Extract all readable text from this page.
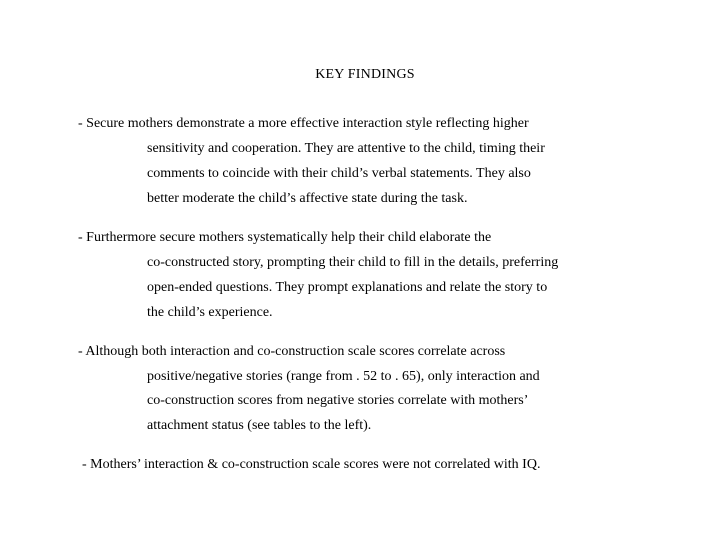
KEY FINDINGS
- Secure mothers demonstrate a more effective interaction style reflecting higher
sensitivity and cooperation. They are attentive to the child, timing their
comments to coincide with their child’s verbal statements. They also
better moderate the child’s affective state during the task.
- Furthermore secure mothers systematically help their child elaborate the
co-constructed story, prompting their child to fill in the details, preferring
open-ended questions. They prompt explanations and relate the story to
the child’s experience.
- Although both interaction and co-construction scale scores correlate across
positive/negative stories (range from . 52 to . 65), only interaction and
co-construction scores from negative stories correlate with mothers’
attachment status (see tables to the left).
- Mothers’ interaction & co-construction scale scores were not correlated with IQ.
